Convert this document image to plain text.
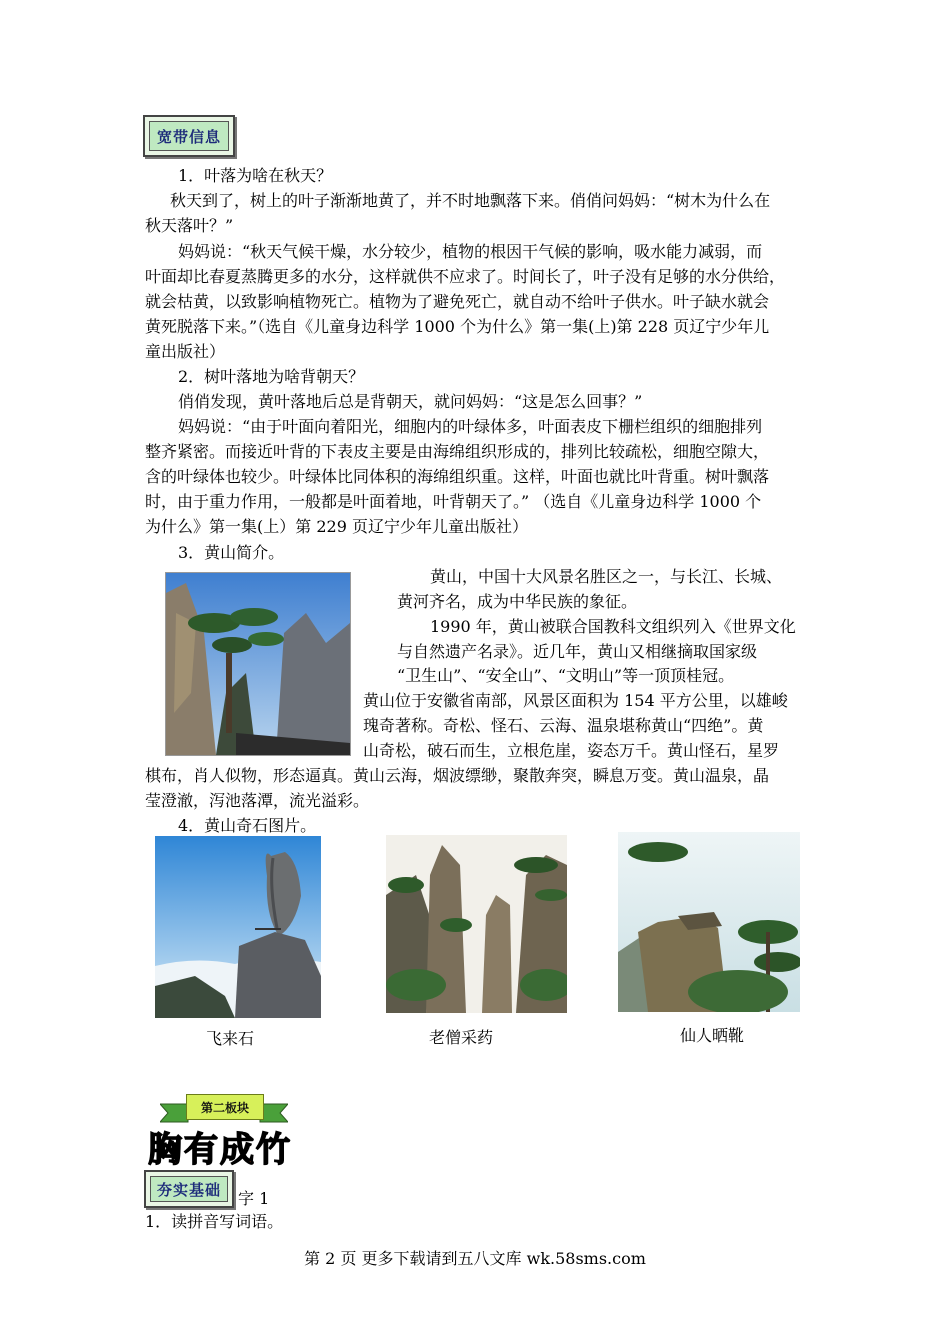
宽带信息
1．叶落为啥在秋天？
秋天到了，树上的叶子渐渐地黄了，并不时地飘落下来。俏俏问妈妈：“树木为什么在
秋天落叶？”
妈妈说：“秋天气候干燥，水分较少，植物的根因干气候的影响，吸水能力减弱，而
叶面却比春夏蒸腾更多的水分，这样就供不应求了。时间长了，叶子没有足够的水分供给，
就会枯黄，以致影响植物死亡。植物为了避免死亡，就自动不给叶子供水。叶子缺水就会
黄死脱落下来。”（选自《儿童身边科学 1000 个为什么》第一集(上)第 228 页辽宁少年儿
童出版社）
2．树叶落地为啥背朝天？
俏俏发现，黄叶落地后总是背朝天，就问妈妈：“这是怎么回事？”
妈妈说：“由于叶面向着阳光，细胞内的叶绿体多，叶面表皮下栅栏组织的细胞排列
整齐紧密。而接近叶背的下表皮主要是由海绵组织形成的，排列比较疏松，细胞空隙大，
含的叶绿体也较少。叶绿体比同体积的海绵组织重。这样，叶面也就比叶背重。树叶飘落
时，由于重力作用，一般都是叶面着地，叶背朝天了。” （选自《儿童身边科学 1000 个
为什么》第一集(上）第 229 页辽宁少年儿童出版社）
3．黄山简介。
黄山，中国十大风景名胜区之一，与长江、长城、
黄河齐名，成为中华民族的象征。
1990 年，黄山被联合国教科文组织列入《世界文化
与自然遗产名录》。近几年，黄山又相继摘取国家级
“卫生山”、“安全山”、“文明山”等一顶顶桂冠。
黄山位于安徽省南部，风景区面积为 154 平方公里，以雄峻
瑰奇著称。奇松、怪石、云海、温泉堪称黄山“四绝”。黄
山奇松，破石而生，立根危崖，姿态万千。黄山怪石，星罗
棋布，肖人似物，形态逼真。黄山云海，烟波缥缈，聚散奔突，瞬息万变。黄山温泉，晶
莹澄澈，泻池落潭，流光溢彩。
4．黄山奇石图片。
飞来石	老僧采药	仙人晒靴
第二板块
胸有成竹
夯实基础	字 1
1．读拼音写词语。
第 2 页 更多下载请到五八文库 wk.58sms.com
